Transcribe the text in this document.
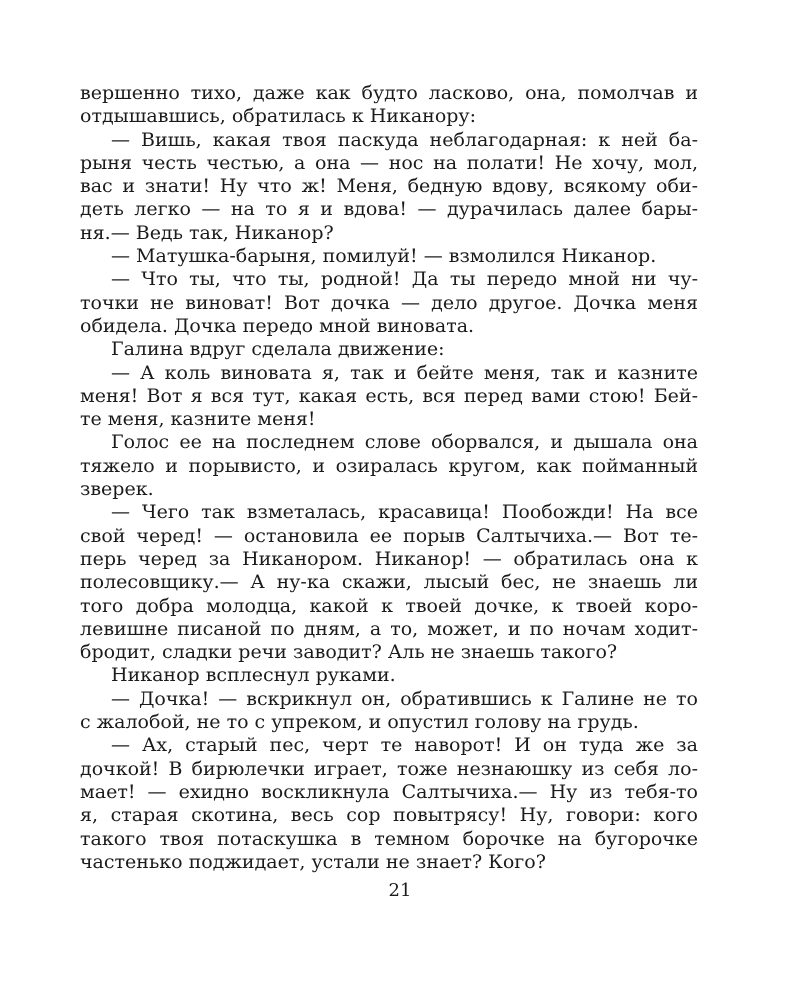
вершенно тихо, даже как будто ласково, она, помолчав и
отдышавшись, обратилась к Никанору:
— Вишь, какая твоя паскуда неблагодарная: к ней ба-
рыня честь честью, а она — нос на полати! Не хочу, мол,
вас и знати! Ну что ж! Меня, бедную вдову, всякому оби-
деть легко — на то я и вдова! — дурачилась далее бары-
ня.— Ведь так, Никанор?
— Матушка-барыня, помилуй! — взмолился Никанор.
— Что ты, что ты, родной! Да ты передо мной ни чу-
точки не виноват! Вот дочка — дело другое. Дочка меня
обидела. Дочка передо мной виновата.
Галина вдруг сделала движение:
— А коль виновата я, так и бейте меня, так и казните
меня! Вот я вся тут, какая есть, вся перед вами стою! Бей-
те меня, казните меня!
Голос ее на последнем слове оборвался, и дышала она
тяжело и порывисто, и озиралась кругом, как пойманный
зверек.
— Чего так взметалась, красавица! Пообожди! На все
свой черед! — остановила ее порыв Салтычиха.— Вот те-
перь черед за Никанором. Никанор! — обратилась она к
полесовщику.— А ну-ка скажи, лысый бес, не знаешь ли
того добра молодца, какой к твоей дочке, к твоей коро-
левишне писаной по дням, а то, может, и по ночам ходит-
бродит, сладки речи заводит? Аль не знаешь такого?
Никанор всплеснул руками.
— Дочка! — вскрикнул он, обратившись к Галине не то
с жалобой, не то с упреком, и опустил голову на грудь.
— Ах, старый пес, черт те наворот! И он туда же за
дочкой! В бирюлечки играет, тоже незнаюшку из себя ло-
мает! — ехидно воскликнула Салтычиха.— Ну из тебя-то
я, старая скотина, весь сор повытрясу! Ну, говори: кого
такого твоя потаскушка в темном борочке на бугорочке
частенько поджидает, устали не знает? Кого?
21
